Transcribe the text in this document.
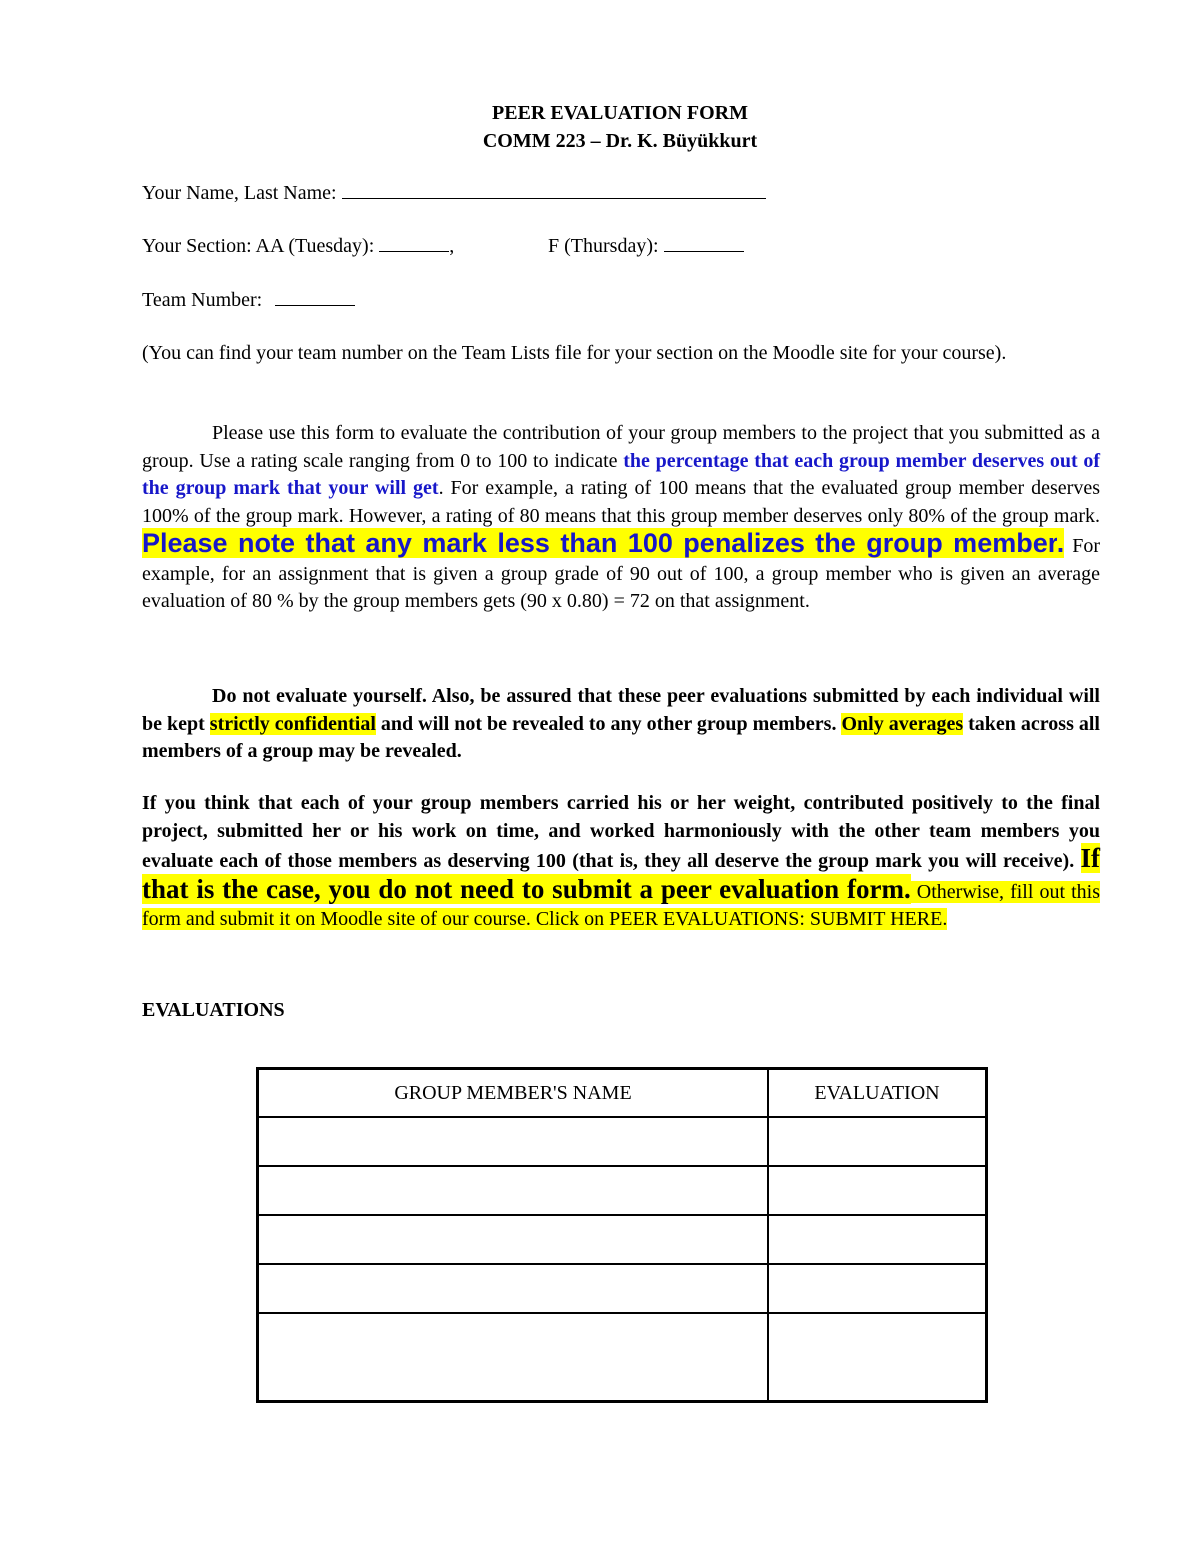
PEER EVALUATION FORM
COMM 223 – Dr. K. Büyükkurt
Your Name, Last Name:
Your Section: AA (Tuesday):	,	F (Thursday):
Team Number:
(You can find your team number on the Team Lists file for your section on the Moodle site for your course).
Please use this form to evaluate the contribution of your group members to the project that you submitted as a group. Use a rating scale ranging from 0 to 100 to indicate the percentage that each group member deserves out of the group mark that your will get. For example, a rating of 100 means that the evaluated group member deserves 100% of the group mark. However, a rating of 80 means that this group member deserves only 80% of the group mark. Please note that any mark less than 100 penalizes the group member. For example, for an assignment that is given a group grade of 90 out of 100, a group member who is given an average evaluation of 80 % by the group members gets (90 x 0.80) = 72 on that assignment.
Do not evaluate yourself. Also, be assured that these peer evaluations submitted by each individual will be kept strictly confidential and will not be revealed to any other group members. Only averages taken across all members of a group may be revealed.
If you think that each of your group members carried his or her weight, contributed positively to the final project, submitted her or his work on time, and worked harmoniously with the other team members you evaluate each of those members as deserving 100 (that is, they all deserve the group mark you will receive). If that is the case, you do not need to submit a peer evaluation form. Otherwise, fill out this form and submit it on Moodle site of our course. Click on PEER EVALUATIONS: SUBMIT HERE.
EVALUATIONS
GROUP MEMBER'S NAME	EVALUATION
